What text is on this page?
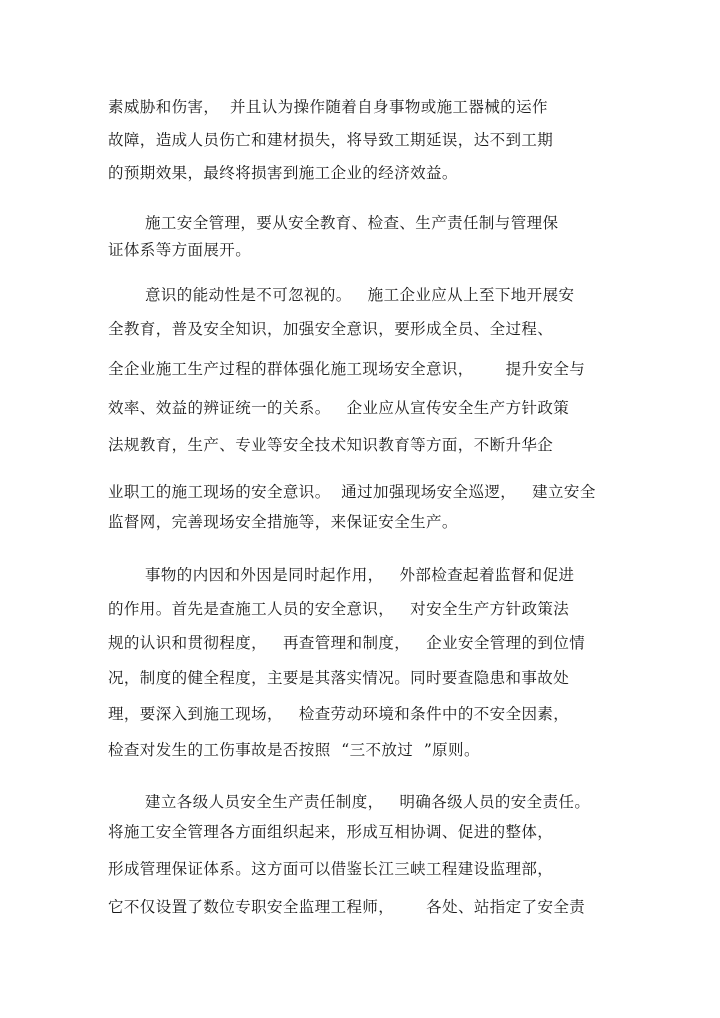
素威胁和伤害，  并且认为操作随着自身事物或施工器械的运作
故障，造成人员伤亡和建材损失，将导致工期延误，达不到工期
的预期效果，最终将损害到施工企业的经济效益。
施工安全管理，要从安全教育、检查、生产责任制与管理保
证体系等方面展开。
意识的能动性是不可忽视的。   施工企业应从上至下地开展安
全教育，普及安全知识，加强安全意识，要形成全员、全过程、
全企业施工生产过程的群体强化施工现场安全意识，      提升安全与
效率、效益的辨证统一的关系。   企业应从宣传安全生产方针政策
法规教育，生产、专业等安全技术知识教育等方面，不断升华企
业职工的施工现场的安全意识。  通过加强现场安全巡逻，   建立安全
监督网，完善现场安全措施等，来保证安全生产。
事物的内因和外因是同时起作用，   外部检查起着监督和促进
的作用。首先是查施工人员的安全意识，   对安全生产方针政策法
规的认识和贯彻程度，   再查管理和制度，   企业安全管理的到位情
况，制度的健全程度，主要是其落实情况。同时要查隐患和事故处
理，要深入到施工现场，   检查劳动环境和条件中的不安全因素，
检查对发生的工伤事故是否按照  “三不放过  ”原则。
建立各级人员安全生产责任制度，   明确各级人员的安全责任。
将施工安全管理各方面组织起来，形成互相协调、促进的整体，
形成管理保证体系。这方面可以借鉴长江三峡工程建设监理部，
它不仅设置了数位专职安全监理工程师，      各处、站指定了安全责
